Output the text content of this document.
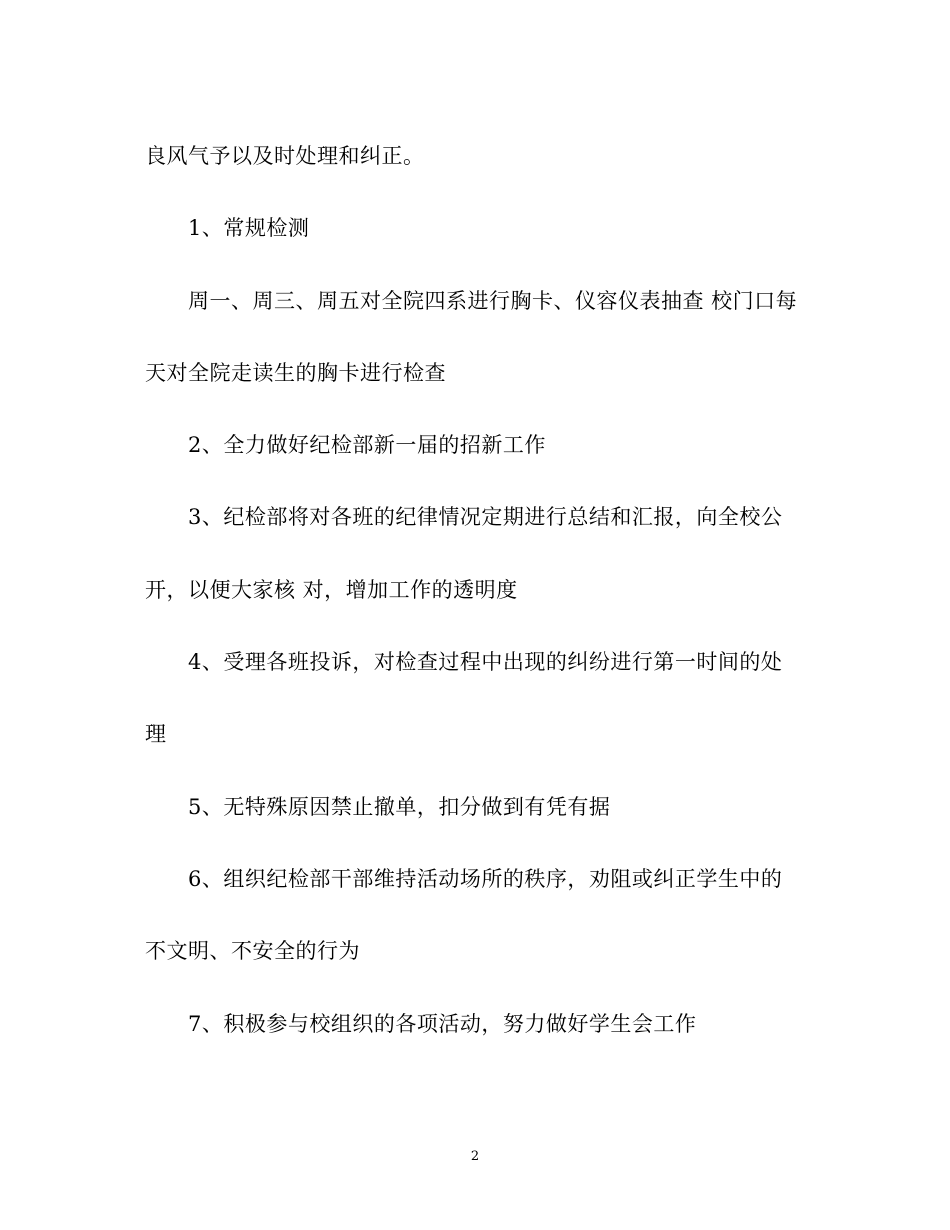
良风气予以及时处理和纠正。
1、常规检测
周一、周三、周五对全院四系进行胸卡、仪容仪表抽查 校门口每
天对全院走读生的胸卡进行检查
2、全力做好纪检部新一届的招新工作
3、纪检部将对各班的纪律情况定期进行总结和汇报，向全校公
开，以便大家核 对，增加工作的透明度
4、受理各班投诉，对检查过程中出现的纠纷进行第一时间的处
理
5、无特殊原因禁止撤单，扣分做到有凭有据
6、组织纪检部干部维持活动场所的秩序，劝阻或纠正学生中的
不文明、不安全的行为
7、积极参与校组织的各项活动，努力做好学生会工作
2
